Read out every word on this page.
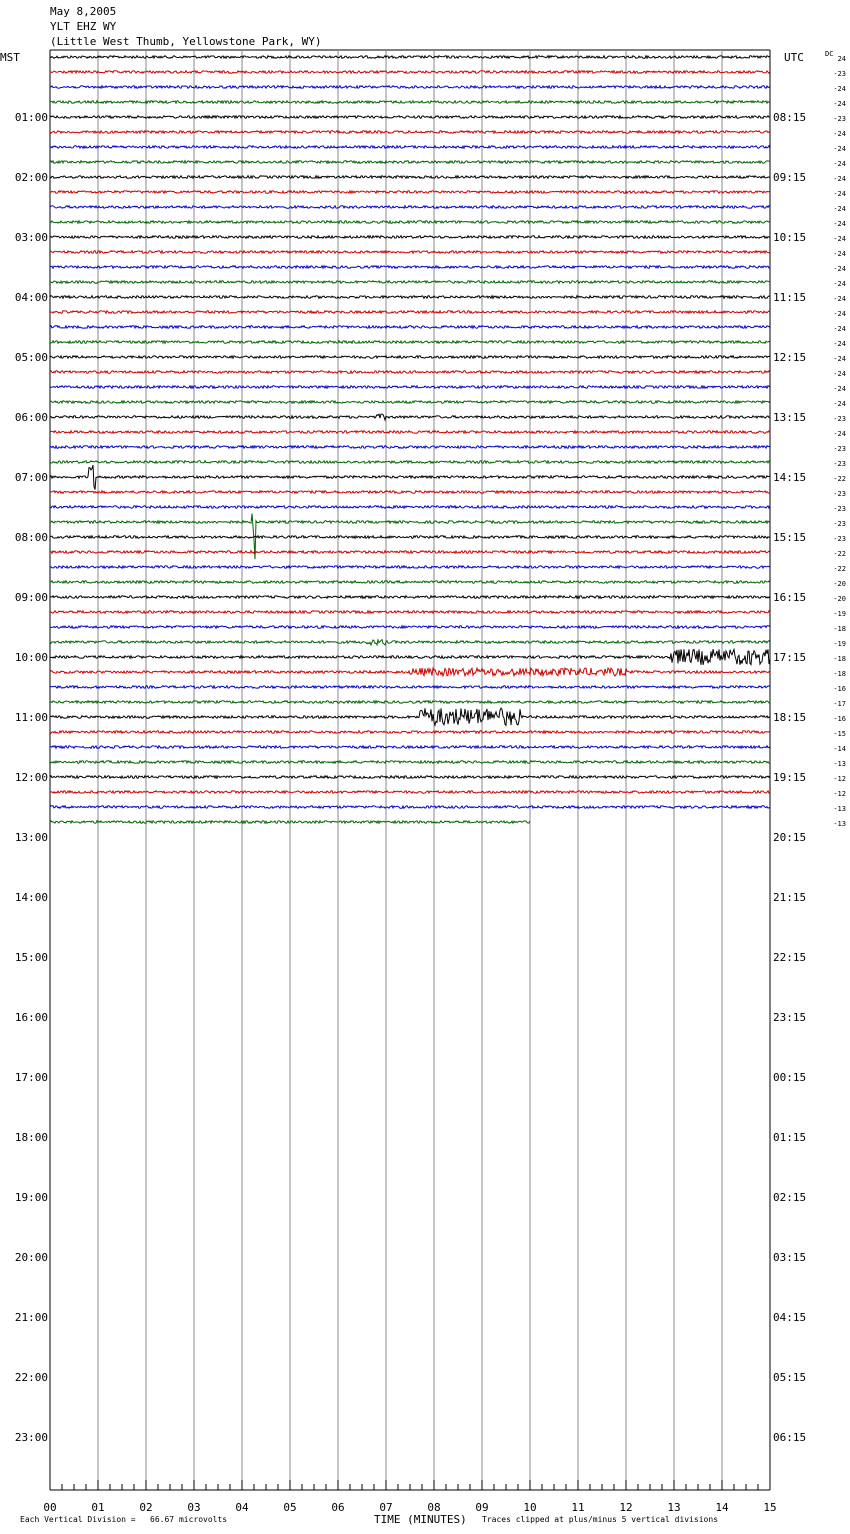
May 8,2005
YLT EHZ WY
(Little West Thumb, Yellowstone Park, WY)
00	01	02	03	04	05	06	07	08	09	10	11	12	13	14	15
01:00	08:15
02:00	09:15
03:00	10:15
04:00	11:15
05:00	12:15
06:00	13:15
07:00	14:15
08:00	15:15
09:00	16:15
10:00	17:15
11:00	18:15
12:00	19:15
13:00	20:15
14:00	21:15
15:00	22:15
16:00	23:15
17:00	00:15
18:00	01:15
19:00	02:15
20:00	03:15
21:00	04:15
22:00	05:15
23:00	06:15
24
-23
-24
-24
-23
-24
-24
-24
-24
-24
-24
-24
-24
-24
-24
-24
-24
-24
-24
-24
-24
-24
-24
-24
-23
-24
-23
-23
-22
-23
-23
-23
-23
-22
-22
-20
-20
-19
-18
-19
-18
-18
-16
-17
-16
-15
-14
-13
-12
-12
-13
-13
MST	UTC	DC
TIME (MINUTES)
Each Vertical Division =   66.67 microvolts	Traces clipped at plus/minus 5 vertical divisions
